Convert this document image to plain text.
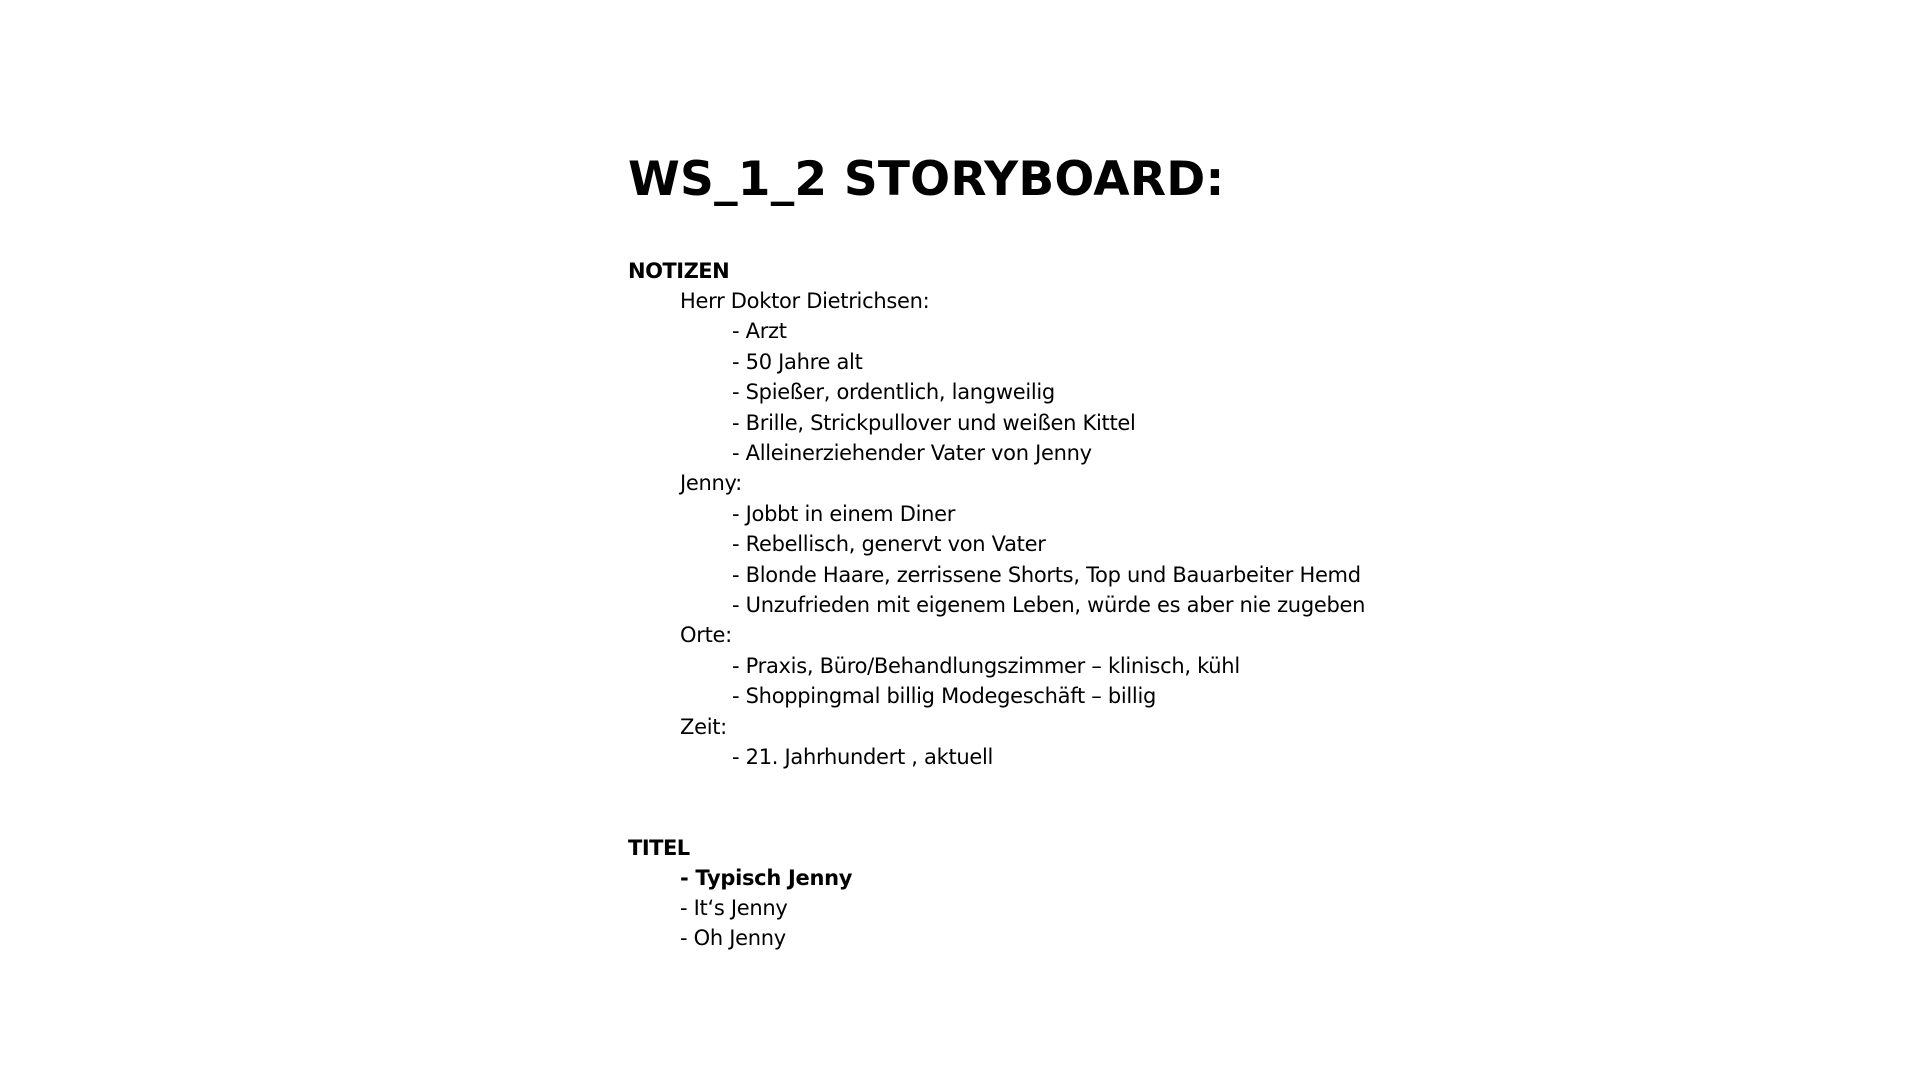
WS_1_2 STORYBOARD:
NOTIZEN
Herr Doktor Dietrichsen:
- Arzt
- 50 Jahre alt
- Spießer, ordentlich, langweilig
- Brille, Strickpullover und weißen Kittel
- Alleinerziehender Vater von Jenny
Jenny:
- Jobbt in einem Diner
- Rebellisch, genervt von Vater
- Blonde Haare, zerrissene Shorts, Top und Bauarbeiter Hemd
- Unzufrieden mit eigenem Leben, würde es aber nie zugeben
Orte:
- Praxis, Büro/Behandlungszimmer – klinisch, kühl
- Shoppingmal billig Modegeschäft – billig
Zeit:
- 21. Jahrhundert , aktuell
TITEL
- Typisch Jenny
- It‘s Jenny
- Oh Jenny
